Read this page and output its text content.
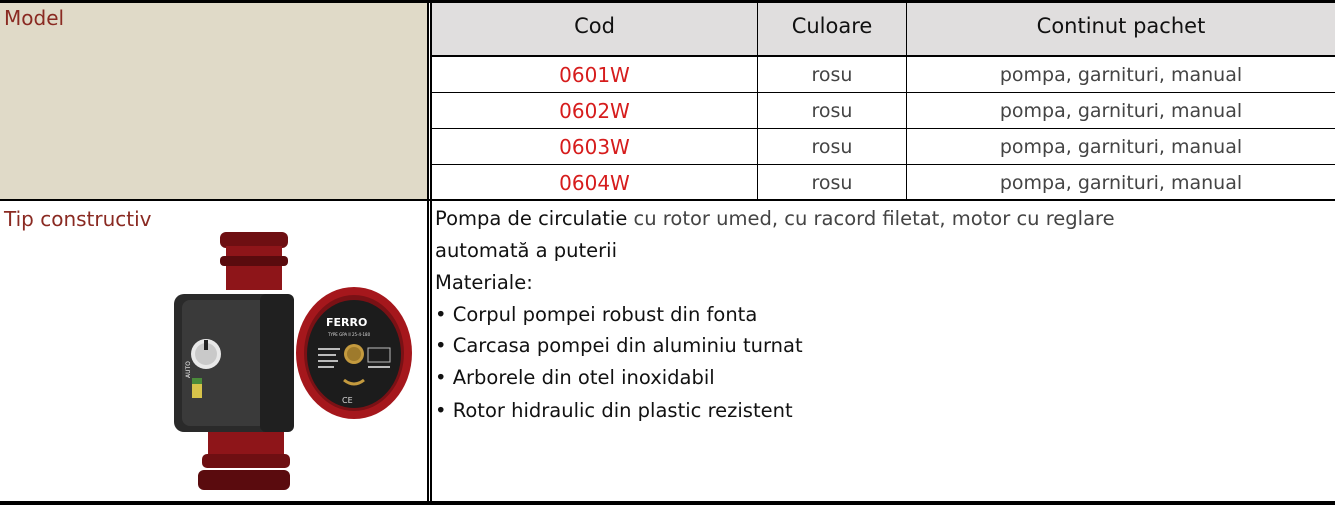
Model
Tip constructiv
Cod	Culoare	Continut pachet
0601W	rosu	pompa, garnituri, manual
0602W	rosu	pompa, garnituri, manual
0603W	rosu	pompa, garnituri, manual
0604W	rosu	pompa, garnituri, manual
Pompa de circulatie cu rotor umed, cu racord filetat, motor cu reglare
automată a puterii
Materiale:
• Corpul pompei robust din fonta
• Carcasa pompei din aluminiu turnat
• Arborele din otel inoxidabil
• Rotor hidraulic din plastic rezistent
AUTO
FERRO
TYPE GPA II 25-4-180
CE
